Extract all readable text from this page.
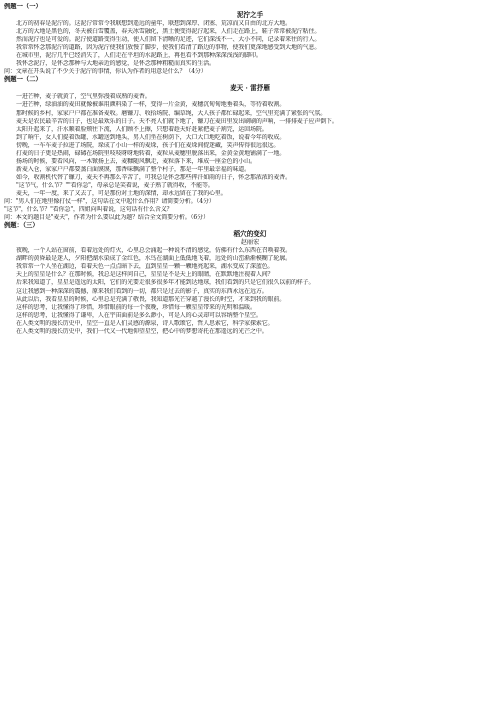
例题一（一）

泥泞之手

北方的初春是泥泞的。这泥泞常常令我联想到遥远的童年，联想到深厚、闭塞、荒凉而又自由的北方大地。

北方的大地是黑色的，冬天被白雪覆盖，春天冰雪融化，黑土便变得泥泞起来，人们走在路上，鞋子常常被泥泞粘住。

然而泥泞也是可爱的。泥泞使道路变得生动，使人们留下清晰的足迹，它们深浅不一、大小不同，记录着来往的行人。

我常常怀念那泥泞的道路，因为泥泞使我们放慢了脚步，使我们看清了路边的事物，使我们更深地感受到大地的气息。

在城市里，泥泞几乎已经消失了，人们走在平坦的水泥路上，再也看不到那种深深浅浅的脚印。

我怀念泥泞，是怀念那种与大地亲近的感觉，是怀念那种粗糙而真实的生活。

问：文章在开头说了不少关于泥泞的事情，你认为作者的用意是什么？（4分）

例题一（二）

麦天 · 雷抒雁

一进芒种，麦子就黄了，空气里弥漫着成熟的麦香。

一进芒种，绿油油的麦田就像被谁用颜料染了一样，变得一片金黄，麦穗沉甸甸地垂着头，等待着收割。

那时候的乡村，家家户户都在准备麦收。磨镰刀、收拾场院、编草绳，大人孩子都忙碌起来，空气里充满了紧张的气氛。

麦天是农民最辛苦的日子，也是最欢乐的日子。天不亮人们就下地了，镰刀在麦田里发出刷刷的声响，一排排麦子应声倒下。

太阳升起来了，汗水顺着脸颊往下流，人们顾不上擦，只想着趁天好赶紧把麦子割完，运回场院。

到了晌午，女人们提着饭罐、水罐送到地头，男人们坐在树荫下，大口大口地吃着饭，说着今年的收成。

傍晚，一车车麦子拉进了场院，垛成了小山一样的麦垛，孩子们在麦垛间捉迷藏，笑声传得很远很远。

打麦的日子更是热闹，碌碡在场院里吱吱呀呀地转着，麦粒从麦穗里脱落出来，金黄金黄地铺满了一地。

扬场的时候，要看风向，一木锨扬上去，麦糠随风飘走，麦粒落下来，堆成一座金色的小山。

新麦入仓，家家户户都要蒸白面馍馍，那香味飘满了整个村子，那是一年里最幸福的味道。

如今，收割机代替了镰刀，麦天不再那么辛苦了，可我总是怀念那些挥汗如雨的日子，怀念那浓浓的麦香。

"这节气，什么节？""看你急"，母亲总是笑着说，麦子熟了就得收，不能等。

麦天，一年一度，来了又去了，可是那份对土地的深情，却永远留在了我的心里。

问："男人们在地里像打仗一样"，这句话在文中起什么作用？请简要分析。（4分）

"这节"，什么节？"看你急"，四姐向叫着说，这句话有什么含义？

问：本文的题目是"麦天"，作者为什么要以此为题？结合全文简要分析。（6分）

例题：（三）

稻穴的变幻

赵丽宏

夜晚，一个人站在窗前，看着远处的灯火，心里总会涌起一种说不清的感觉，仿佛有什么东西在召唤着我。

湖畔的黄昏最是迷人，夕阳把湖水染成了金红色，水鸟在湖面上低低地飞着，远处的山峦渐渐模糊了轮廓。

我常常一个人坐在湖边，看着天色一点点暗下去，直到星星一颗一颗地亮起来，湖水变成了深蓝色。

天上的星星是什么？在那时候，我总是这样问自己，星星是不是天上的眼睛，在默默地注视着人间？

后来我知道了，星星是遥远的太阳，它们的光要走很多很多年才能到达地球，我们看到的只是它们很久以前的样子。

这让我感到一种深深的震撼，原来我们看到的一切，都只是过去的影子，真实的东西永远在远方。

从此以后，我看星星的时候，心里总是充满了敬畏，我知道那光芒穿越了漫长的时空，才来到我的眼前。

这样的思考，让我懂得了珍惜，珍惜眼前的每一个夜晚，珍惜每一颗星星带来的光明和温暖。

这样的思考，让我懂得了谦卑，人在宇宙面前是多么渺小，可是人的心灵却可以容纳整个星空。

在人类文明的漫长历史中，星空一直是人们灵感的源泉，诗人歌颂它，哲人思索它，科学家探索它。

在人类文明的漫长历史中，我们一代又一代地仰望星空，把心中的梦想寄托在那遥远的光芒之中。
